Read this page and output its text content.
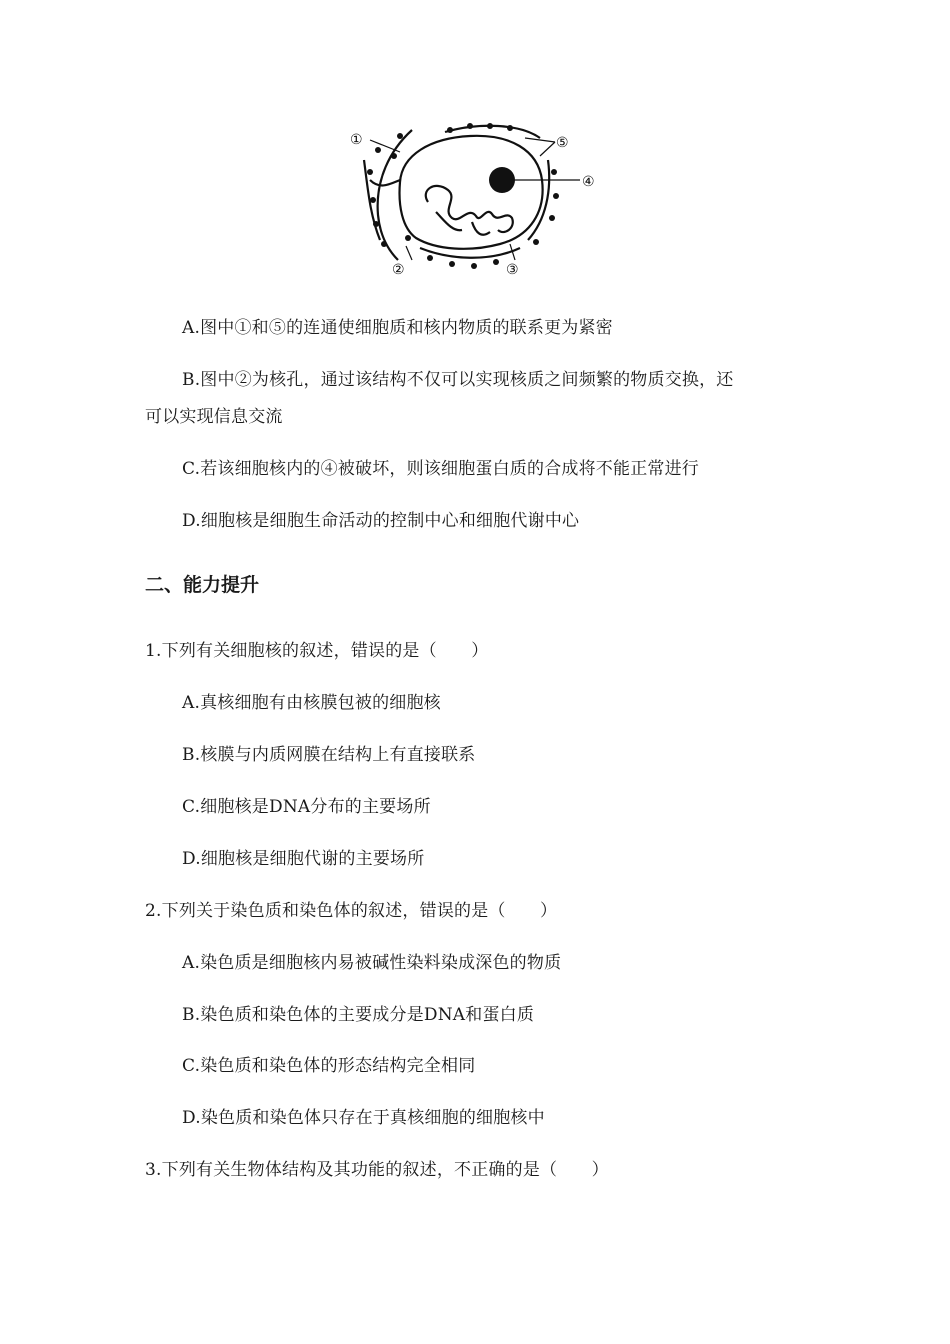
①
②	③
④
⑤
A.图中①和⑤的连通使细胞质和核内物质的联系更为紧密
B.图中②为核孔，通过该结构不仅可以实现核质之间频繁的物质交换，还
可以实现信息交流
C.若该细胞核内的④被破坏，则该细胞蛋白质的合成将不能正常进行
D.细胞核是细胞生命活动的控制中心和细胞代谢中心
二、能力提升
1.下列有关细胞核的叙述，错误的是（　　）
A.真核细胞有由核膜包被的细胞核
B.核膜与内质网膜在结构上有直接联系
C.细胞核是DNA分布的主要场所
D.细胞核是细胞代谢的主要场所
2.下列关于染色质和染色体的叙述，错误的是（　　）
A.染色质是细胞核内易被碱性染料染成深色的物质
B.染色质和染色体的主要成分是DNA和蛋白质
C.染色质和染色体的形态结构完全相同
D.染色质和染色体只存在于真核细胞的细胞核中
3.下列有关生物体结构及其功能的叙述，不正确的是（　　）
